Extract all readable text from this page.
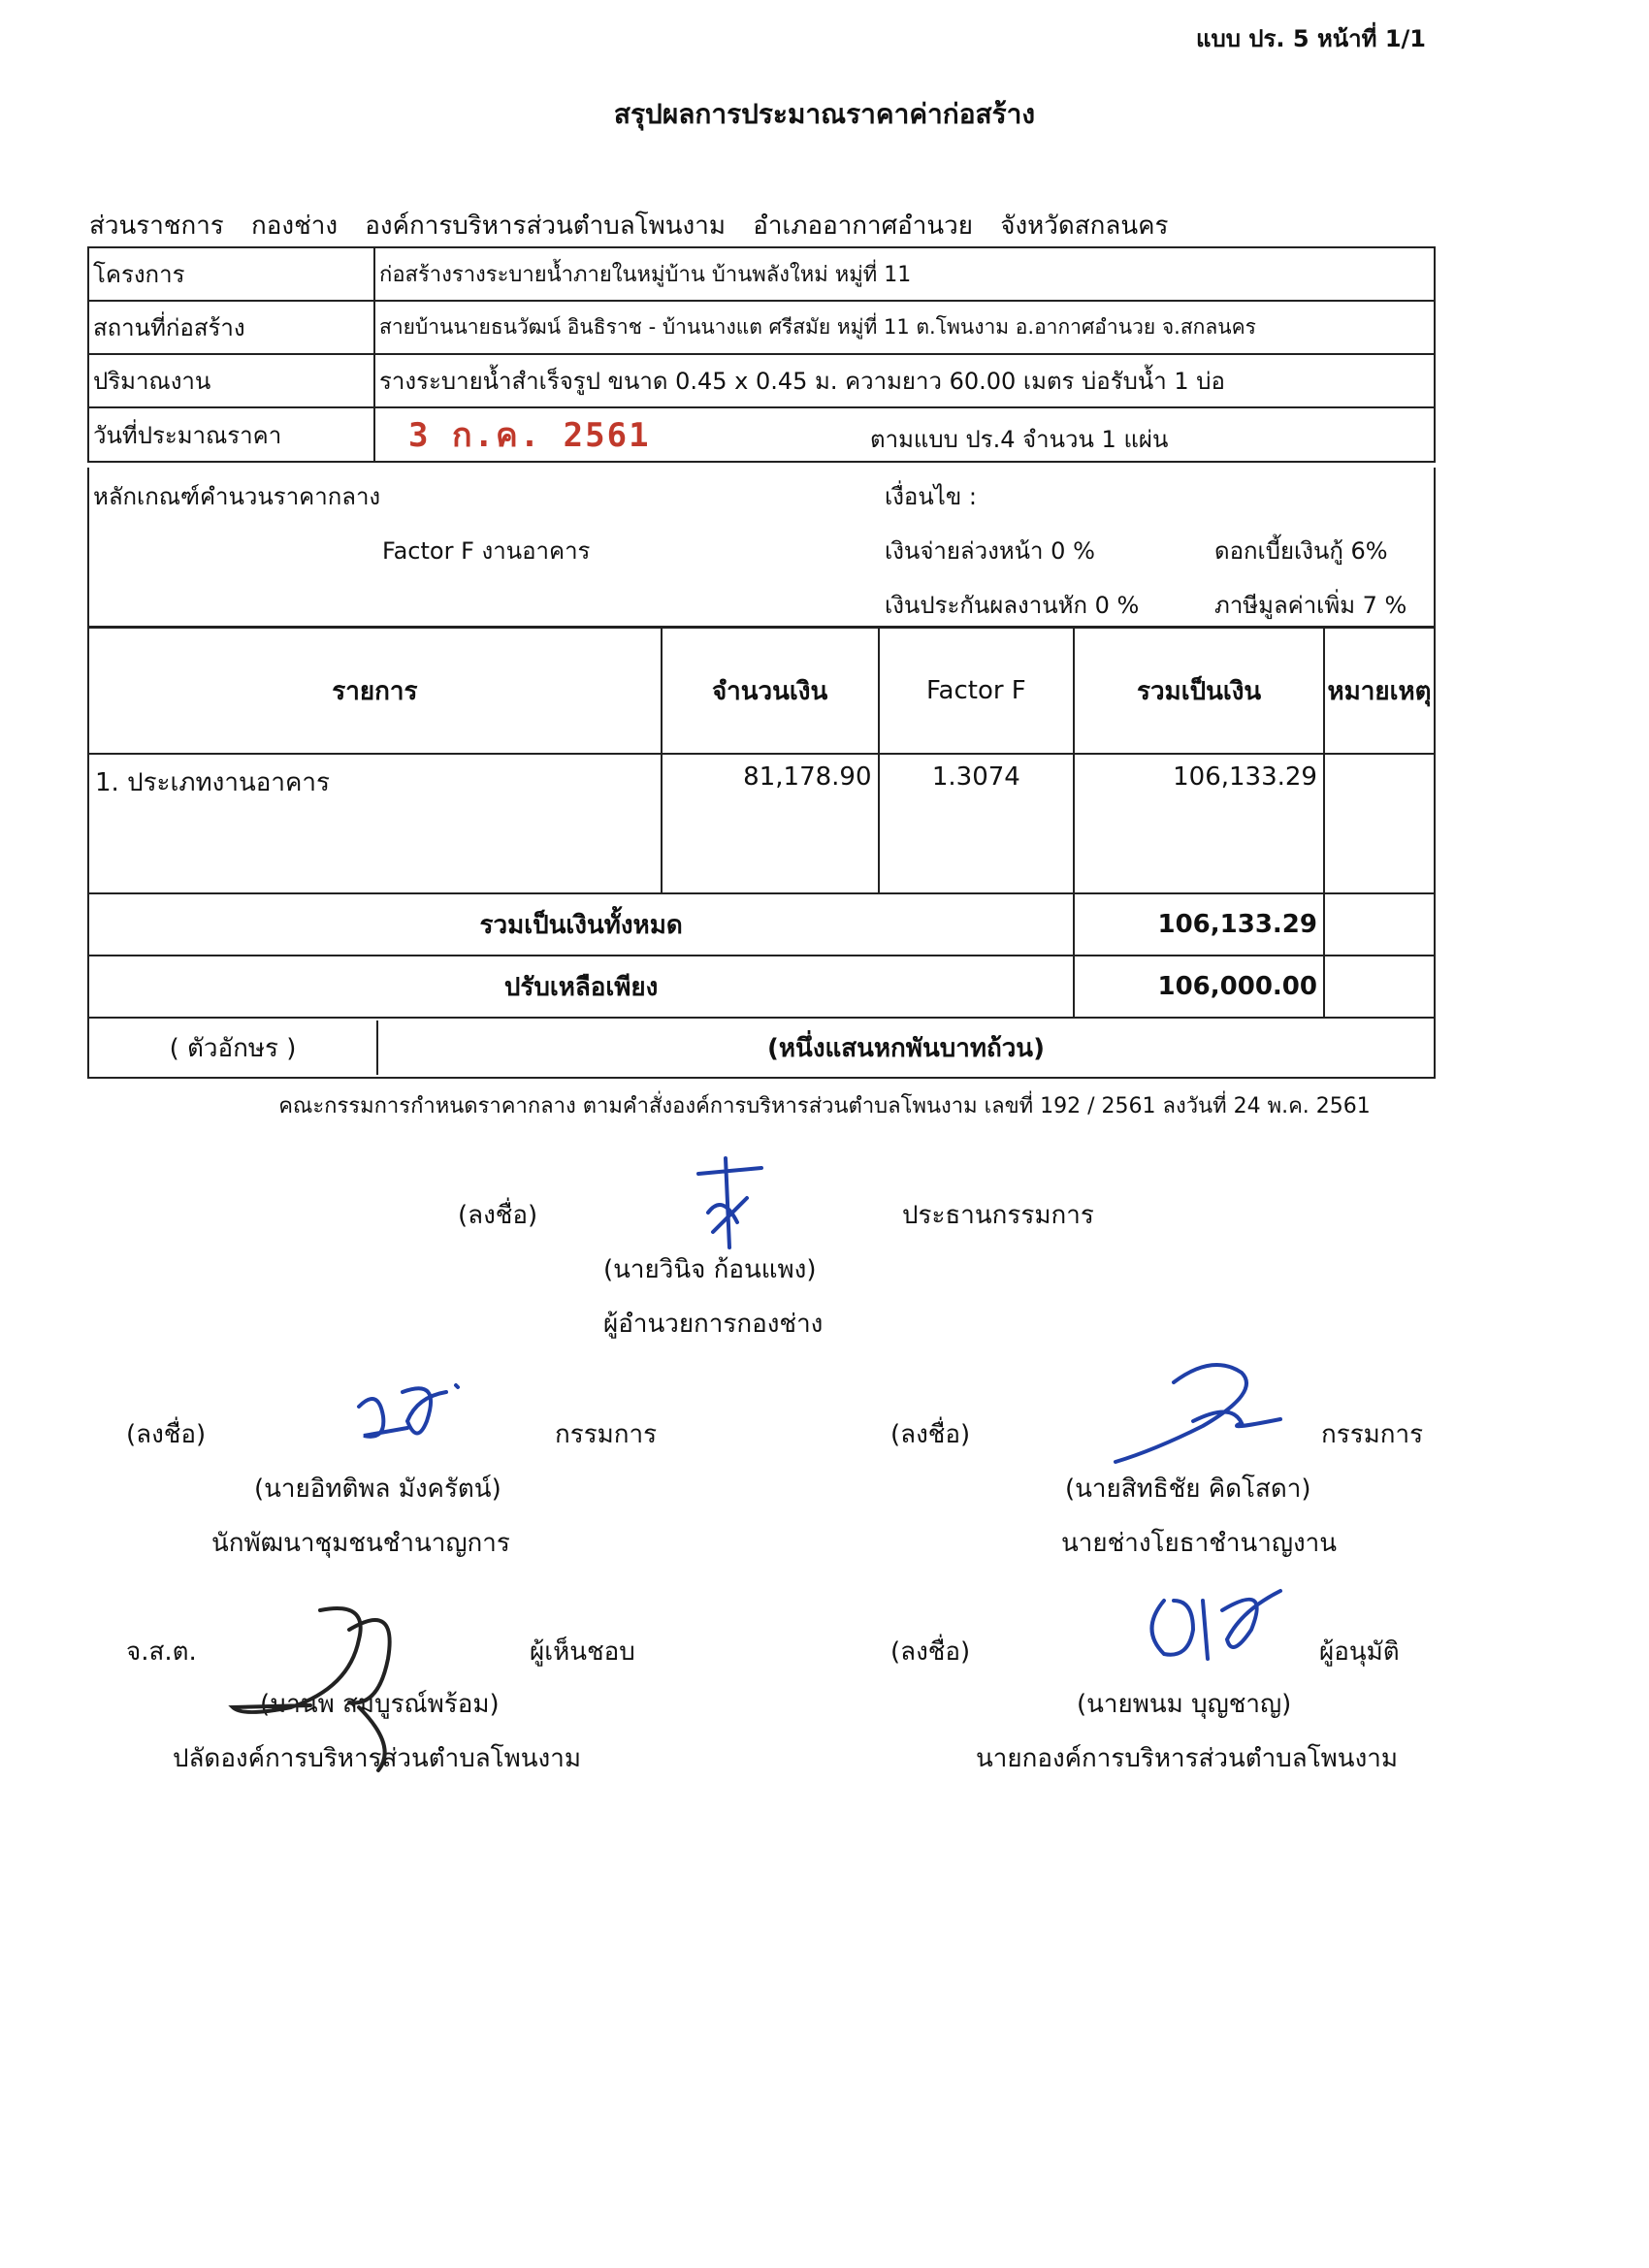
แบบ ปร. 5 หน้าที่ 1/1
สรุปผลการประมาณราคาค่าก่อสร้าง
ส่วนราชการ กองช่าง องค์การบริหารส่วนตำบลโพนงาม อำเภออากาศอำนวย จังหวัดสกลนคร
โครงการ	ก่อสร้างรางระบายน้ำภายในหมู่บ้าน บ้านพลังใหม่ หมู่ที่ 11
สถานที่ก่อสร้าง	สายบ้านนายธนวัฒน์ อินธิราช - บ้านนางแต ศรีสมัย หมู่ที่ 11 ต.โพนงาม อ.อากาศอำนวย จ.สกลนคร
ปริมาณงาน	รางระบายน้ำสำเร็จรูป ขนาด 0.45 x 0.45 ม. ความยาว 60.00 เมตร บ่อรับน้ำ 1 บ่อ
วันที่ประมาณราคา	3 ก.ค. 2561 ตามแบบ ปร.4 จำนวน 1 แผ่น
หลักเกณฑ์คำนวนราคากลาง
Factor F งานอาคาร
เงื่อนไข :
เงินจ่ายล่วงหน้า 0 %	ดอกเบี้ยเงินกู้ 6%
เงินประกันผลงานหัก 0 %	ภาษีมูลค่าเพิ่ม 7 %
รายการ	จำนวนเงิน	Factor F	รวมเป็นเงิน	หมายเหตุ
1. ประเภทงานอาคาร	81,178.90	1.3074	106,133.29	
รวมเป็นเงินทั้งหมด			106,133.29	
ปรับเหลือเพียง			106,000.00	

( ตัวอักษร ) (หนึ่งแสนหกพันบาทถ้วน)				
คณะกรรมการกำหนดราคากลาง ตามคำสั่งองค์การบริหารส่วนตำบลโพนงาม เลขที่ 192 / 2561 ลงวันที่ 24 พ.ค. 2561
(ลงชื่อ)	ประธานกรรมการ
(นายวินิจ ก้อนแพง)
ผู้อำนวยการกองช่าง
(ลงชื่อ)	กรรมการ
(นายอิทติพล มังครัตน์)
นักพัฒนาชุมชนชำนาญการ
(ลงชื่อ)	กรรมการ
(นายสิทธิชัย คิดโสดา)
นายช่างโยธาชำนาญงาน
จ.ส.ต.	ผู้เห็นชอบ
(มานพ สมบูรณ์พร้อม)
ปลัดองค์การบริหารส่วนตำบลโพนงาม
(ลงชื่อ)	ผู้อนุมัติ
(นายพนม บุญชาญ)
นายกองค์การบริหารส่วนตำบลโพนงาม
